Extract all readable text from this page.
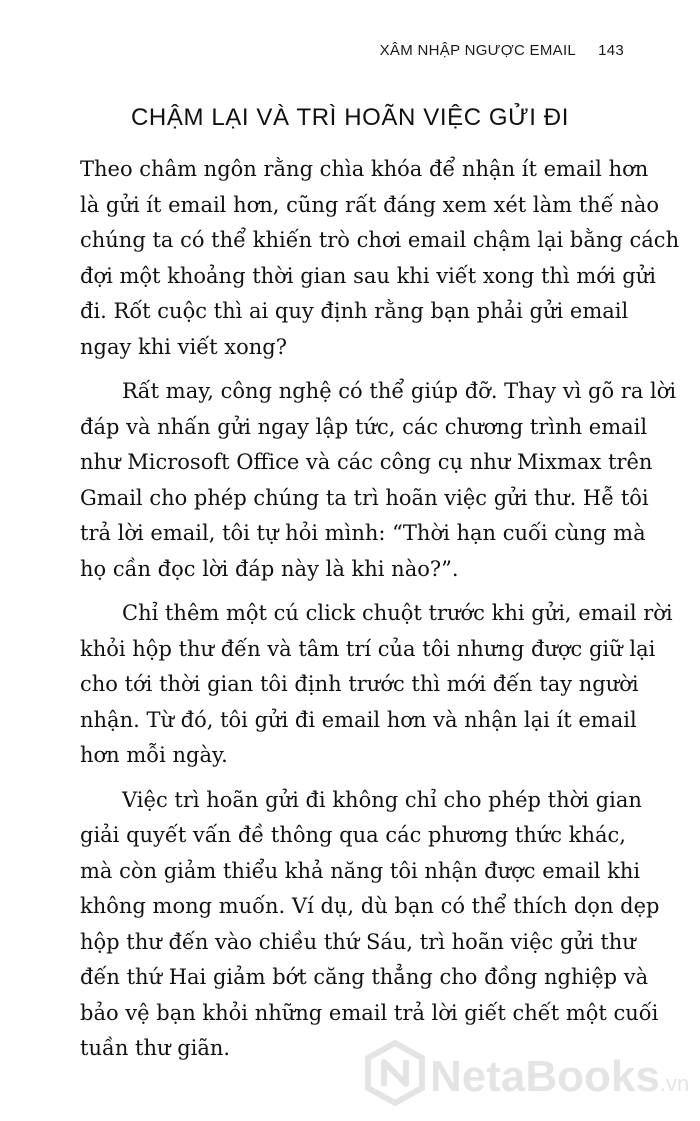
XÂM NHẬP NGƯỢC EMAIL 143
CHẬM LẠI VÀ TRÌ HOÃN VIỆC GỬI ĐI

Theo châm ngôn rằng chìa khóa để nhận ít email hơn
là gửi ít email hơn, cũng rất đáng xem xét làm thế nào
chúng ta có thể khiến trò chơi email chậm lại bằng cách
đợi một khoảng thời gian sau khi viết xong thì mới gửi
đi. Rốt cuộc thì ai quy định rằng bạn phải gửi email
ngay khi viết xong?

Rất may, công nghệ có thể giúp đỡ. Thay vì gõ ra lời
đáp và nhấn gửi ngay lập tức, các chương trình email
như Microsoft Office và các công cụ như Mixmax trên
Gmail cho phép chúng ta trì hoãn việc gửi thư. Hễ tôi
trả lời email, tôi tự hỏi mình: “Thời hạn cuối cùng mà
họ cần đọc lời đáp này là khi nào?”.

Chỉ thêm một cú click chuột trước khi gửi, email rời
khỏi hộp thư đến và tâm trí của tôi nhưng được giữ lại
cho tới thời gian tôi định trước thì mới đến tay người
nhận. Từ đó, tôi gửi đi email hơn và nhận lại ít email
hơn mỗi ngày.

Việc trì hoãn gửi đi không chỉ cho phép thời gian
giải quyết vấn đề thông qua các phương thức khác,
mà còn giảm thiểu khả năng tôi nhận được email khi
không mong muốn. Ví dụ, dù bạn có thể thích dọn dẹp
hộp thư đến vào chiều thứ Sáu, trì hoãn việc gửi thư
đến thứ Hai giảm bớt căng thẳng cho đồng nghiệp và
bảo vệ bạn khỏi những email trả lời giết chết một cuối
tuần thư giãn.

NetaBooks.vn
